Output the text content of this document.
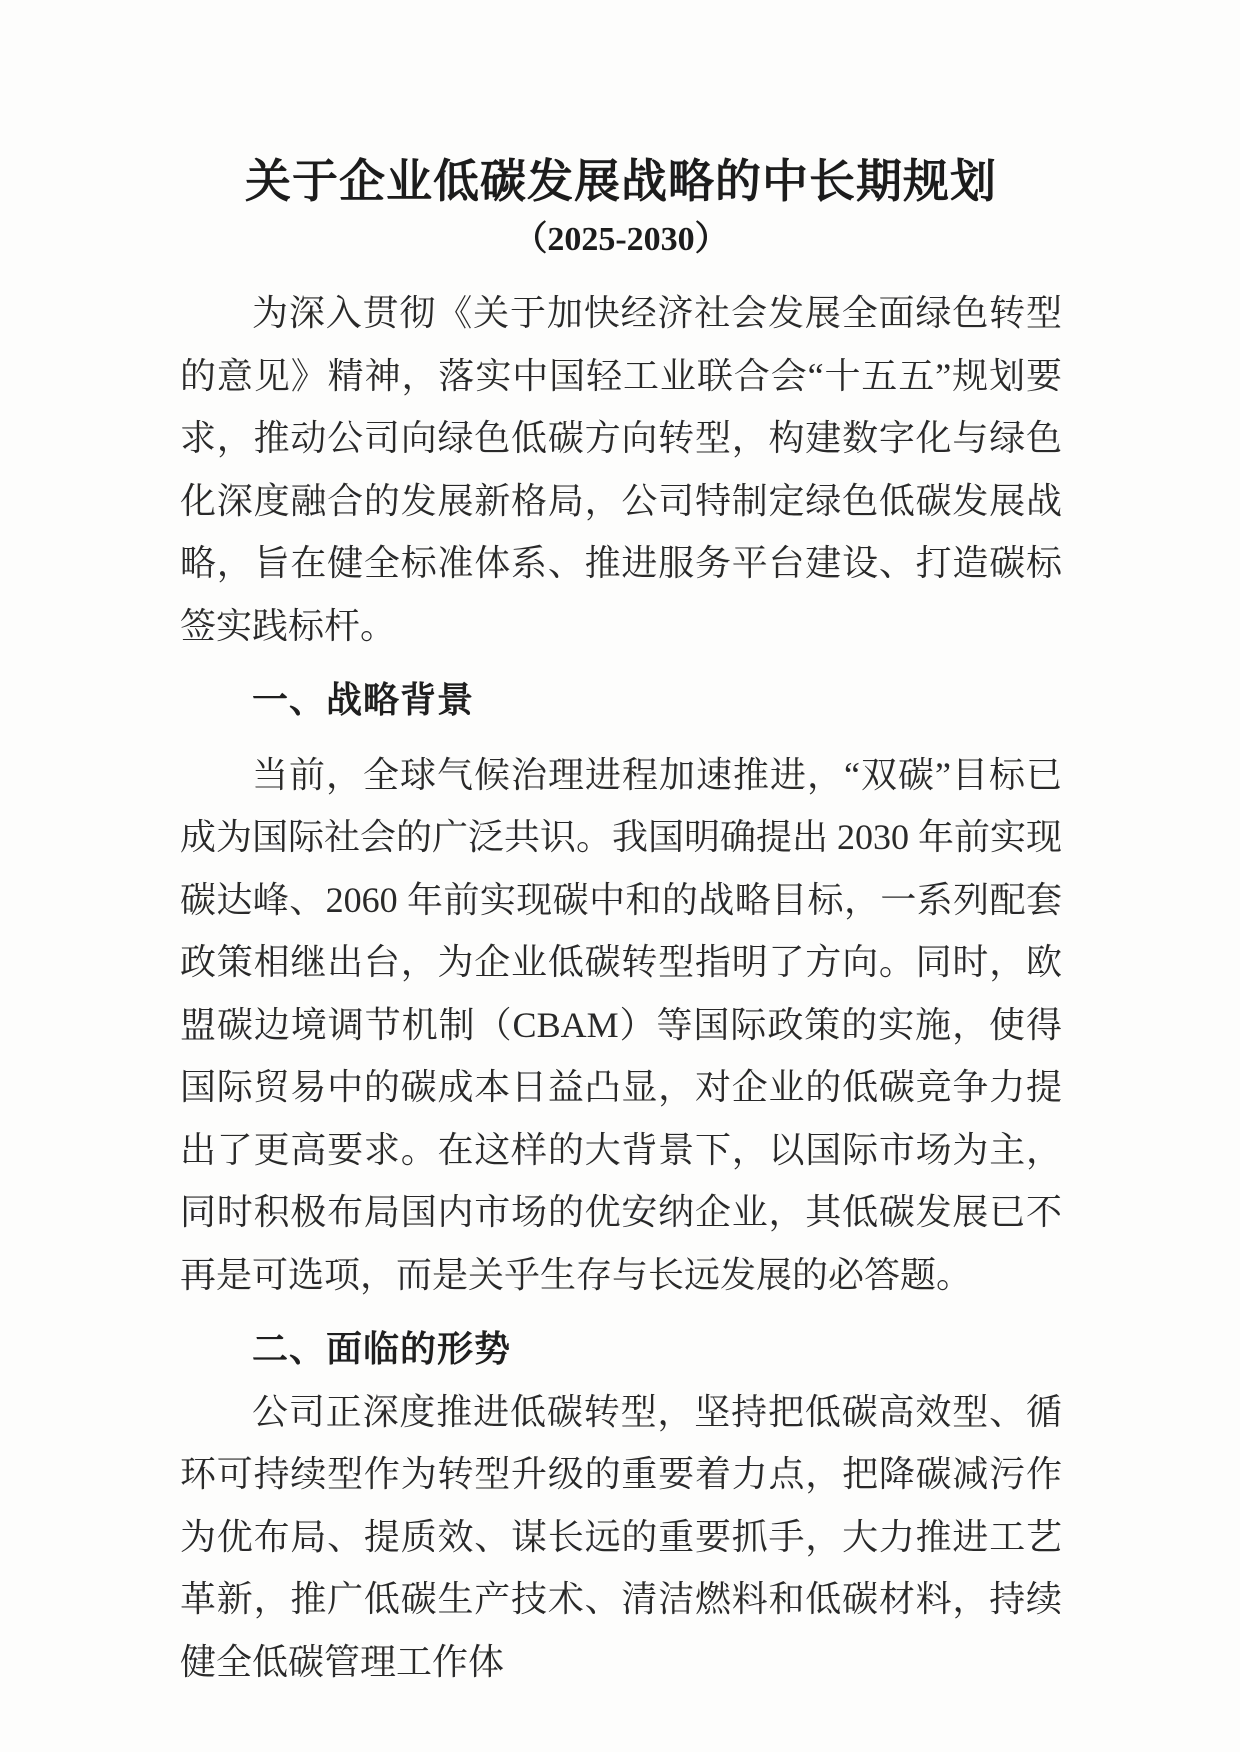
关于企业低碳发展战略的中长期规划
（2025-2030）

为深入贯彻《关于加快经济社会发展全面绿色转型的意见》精神，落实中国轻工业联合会“十五五”规划要求，推动公司向绿色低碳方向转型，构建数字化与绿色化深度融合的发展新格局，公司特制定绿色低碳发展战略，旨在健全标准体系、推进服务平台建设、打造碳标签实践标杆。

一、战略背景

当前，全球气候治理进程加速推进，“双碳”目标已成为国际社会的广泛共识。我国明确提出 2030 年前实现碳达峰、2060 年前实现碳中和的战略目标，一系列配套政策相继出台，为企业低碳转型指明了方向。同时，欧盟碳边境调节机制（CBAM）等国际政策的实施，使得国际贸易中的碳成本日益凸显，对企业的低碳竞争力提出了更高要求。在这样的大背景下，以国际市场为主，同时积极布局国内市场的优安纳企业，其低碳发展已不再是可选项，而是关乎生存与长远发展的必答题。

二、面临的形势

公司正深度推进低碳转型，坚持把低碳高效型、循环可持续型作为转型升级的重要着力点，把降碳减污作为优布局、提质效、谋长远的重要抓手，大力推进工艺革新，推广低碳生产技术、清洁燃料和低碳材料，持续健全低碳管理工作体
